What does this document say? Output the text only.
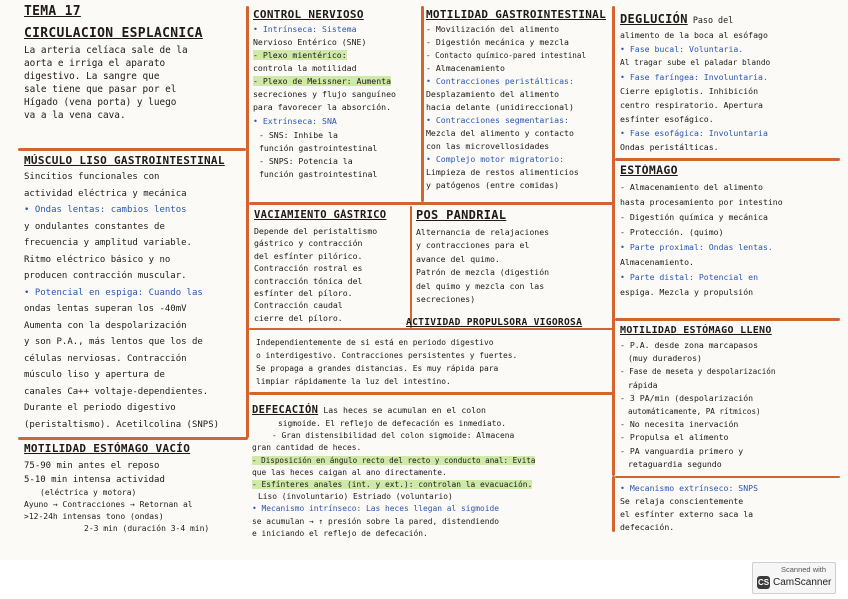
TEMA 17
CIRCULACIÓN ESPLÁCNICA
La arteria celíaca sale de la
aorta e irriga el aparato
digestivo. La sangre que
sale tiene que pasar por el
Hígado (vena porta) y luego
va a la vena cava.
MÚSCULO LISO GASTROINTESTINAL
Sincitios funcionales con
actividad eléctrica y mecánica
• Ondas lentas: cambios lentos
y ondulantes constantes de
frecuencia y amplitud variable.
Ritmo eléctrico básico y no
producen contracción muscular.
• Potencial en espiga: Cuando las
ondas lentas superan los -40mV
Aumenta con la despolarización
y son P.A., más lentos que los de
células nerviosas. Contracción
músculo liso y apertura de
canales Ca++ voltaje-dependientes.
Durante el periodo digestivo
(peristaltismo). Acetilcolina (SNPS)
MOTILIDAD ESTÓMAGO VACÍO
75-90 min antes el reposo
5-10 min intensa actividad
(eléctrica y motora)
Ayuno → Contracciones → Retornan al
>12-24h intensas tono (ondas)
2-3 min (duración 3-4 min)
CONTROL NERVIOSO
• Intrínseca: Sistema
Nervioso Entérico (SNE)
- Plexo mientérico:
controla la motilidad
- Plexo de Meissner: Aumenta
secreciones y flujo sanguíneo
para favorecer la absorción.
• Extrínseca: SNA
- SNS: Inhibe la
función gastrointestinal
- SNPS: Potencia la
función gastrointestinal
MOTILIDAD GASTROINTESTINAL
- Movilización del alimento
- Digestión mecánica y mezcla
- Contacto químico-pared intestinal
- Almacenamiento
• Contracciones peristálticas:
Desplazamiento del alimento
hacia delante (unidireccional)
• Contracciones segmentarias:
Mezcla del alimento y contacto
con las microvellosidades
• Complejo motor migratorio:
Limpieza de restos alimenticios
y patógenos (entre comidas)
DEGLUCIÓN Paso del
alimento de la boca al esófago
• Fase bucal: Voluntaria.
Al tragar sube el paladar blando
• Fase faríngea: Involuntaria.
Cierre epiglotis. Inhibición
centro respiratorio. Apertura
esfínter esofágico.
• Fase esofágica: Involuntaria
Ondas peristálticas.
VACIAMIENTO GÁSTRICO
Depende del peristaltismo
gástrico y contracción
del esfínter pilórico.
Contracción rostral es
contracción tónica del
esfínter del píloro.
Contracción caudal
cierre del píloro.
POS PANDRIAL
Alternancia de relajaciones
y contracciones para el
avance del quimo.
Patrón de mezcla (digestión
del quimo y mezcla con las
secreciones)
ACTIVIDAD PROPULSORA VIGOROSA
Independientemente de si está en periodo digestivo
o interdigestivo. Contracciones persistentes y fuertes.
Se propaga a grandes distancias. Es muy rápida para
limpiar rápidamente la luz del intestino.
DEFECACIÓN Las heces se acumulan en el colon
sigmoide. El reflejo de defecación es inmediato.
- Gran distensibilidad del colon sigmoide: Almacena
gran cantidad de heces.
- Disposición en ángulo recto del recto y conducto anal: Evita
que las heces caigan al ano directamente.
- Esfínteres anales (int. y ext.): controlan la evacuación.
Liso (involuntario) Estriado (voluntario)
• Mecanismo intrínseco: Las heces llegan al sigmoide
se acumulan → ↑ presión sobre la pared, distendiendo
e iniciando el reflejo de defecación.
ESTÓMAGO
- Almacenamiento del alimento
hasta procesamiento por intestino
- Digestión química y mecánica
- Protección. (quimo)
• Parte proximal: Ondas lentas.
Almacenamiento.
• Parte distal: Potencial en
espiga. Mezcla y propulsión
MOTILIDAD ESTÓMAGO LLENO
- P.A. desde zona marcapasos
(muy duraderos)
- Fase de meseta y despolarización
rápida
- 3 PA/min (despolarización
automáticamente, PA rítmicos)
- No necesita inervación
- Propulsa el alimento
- PA vanguardia primero y
retaguardia segundo
• Mecanismo extrínseco: SNPS
Se relaja conscientemente
el esfínter externo saca la
defecación.
Scanned with
CS CamScanner
